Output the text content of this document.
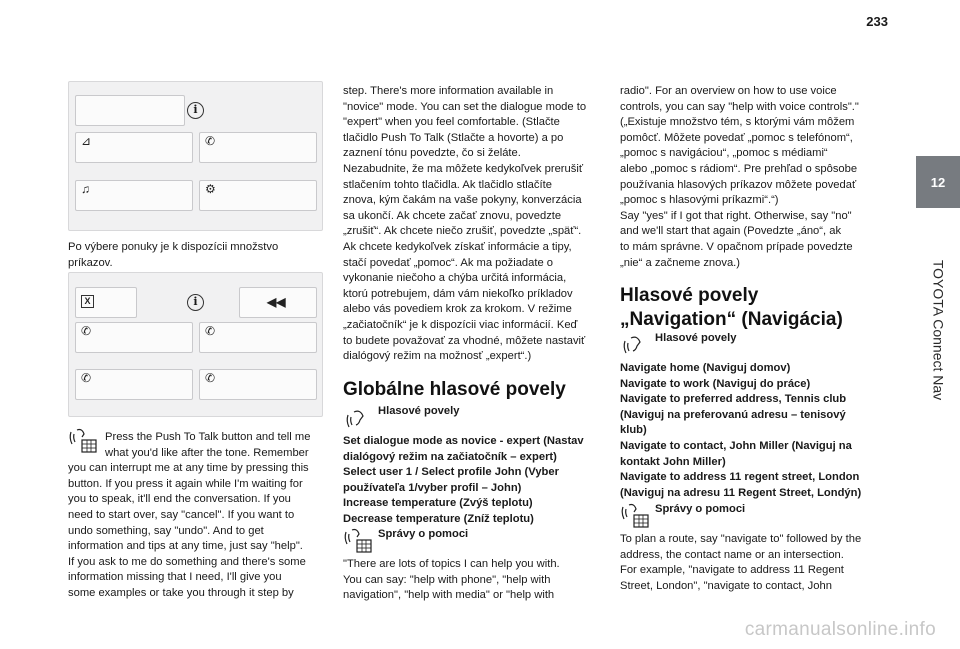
233
12
TOYOTA Connect Nav
i
⊿	✆
♫	⚙
Po výbere ponuky je k dispozícii množstvo
príkazov.
X	i	◀◀
✆	✆
✆	✆
Press the Push To Talk button and tell me
what you'd like after the tone. Remember
you can interrupt me at any time by pressing this
button. If you press it again while I'm waiting for
you to speak, it'll end the conversation. If you
need to start over, say "cancel". If you want to
undo something, say "undo". And to get
information and tips at any time, just say "help".
If you ask to me do something and there's some
information missing that I need, I'll give you
some examples or take you through it step by
step. There's more information available in
"novice" mode. You can set the dialogue mode to
"expert" when you feel comfortable. (Stlačte
tlačidlo Push To Talk (Stlačte a hovorte) a po
zaznení tónu povedzte, čo si želáte.
Nezabudnite, že ma môžete kedykoľvek prerušiť
stlačením tohto tlačidla. Ak tlačidlo stlačíte
znova, kým čakám na vaše pokyny, konverzácia
sa ukončí. Ak chcete začať znovu, povedzte
„zrušiť“. Ak chcete niečo zrušiť, povedzte „späť“.
Ak chcete kedykoľvek získať informácie a tipy,
stačí povedať „pomoc“. Ak ma požiadate o
vykonanie niečoho a chýba určitá informácia,
ktorú potrebujem, dám vám niekoľko príkladov
alebo vás povediem krok za krokom. V režime
„začiatočník“ je k dispozícii viac informácií. Keď
to budete považovať za vhodné, môžete nastaviť
dialógový režim na možnosť „expert“.)
Globálne hlasové povely
Hlasové povely
Set dialogue mode as novice - expert (Nastav
dialógový režim na začiatočník – expert)
Select user 1 / Select profile John (Vyber
používateľa 1/vyber profil – John)
Increase temperature (Zvýš teplotu)
Decrease temperature (Zníž teplotu)
Správy o pomoci
"There are lots of topics I can help you with.
You can say: "help with phone", "help with
navigation", "help with media" or "help with
radio". For an overview on how to use voice
controls, you can say "help with voice controls"."
(„Existuje množstvo tém, s ktorými vám môžem
pomôcť. Môžete povedať „pomoc s telefónom“,
„pomoc s navigáciou“, „pomoc s médiami“
alebo „pomoc s rádiom“. Pre prehľad o spôsobe
používania hlasových príkazov môžete povedať
„pomoc s hlasovými príkazmi“.“)
Say "yes" if I got that right. Otherwise, say "no"
and we'll start that again (Povedzte „áno“, ak
to mám správne. V opačnom prípade povedzte
„nie“ a začneme znova.)
Hlasové povely
„Navigation“ (Navigácia)
Hlasové povely
Navigate home (Naviguj domov)
Navigate to work (Naviguj do práce)
Navigate to preferred address, Tennis club
(Naviguj na preferovanú adresu – tenisový
klub)
Navigate to contact, John Miller (Naviguj na
kontakt John Miller)
Navigate to address 11 regent street, London
(Naviguj na adresu 11 Regent Street, Londýn)
Správy o pomoci
To plan a route, say "navigate to" followed by the
address, the contact name or an intersection.
For example, "navigate to address 11 Regent
Street, London", "navigate to contact, John
carmanualsonline.info
